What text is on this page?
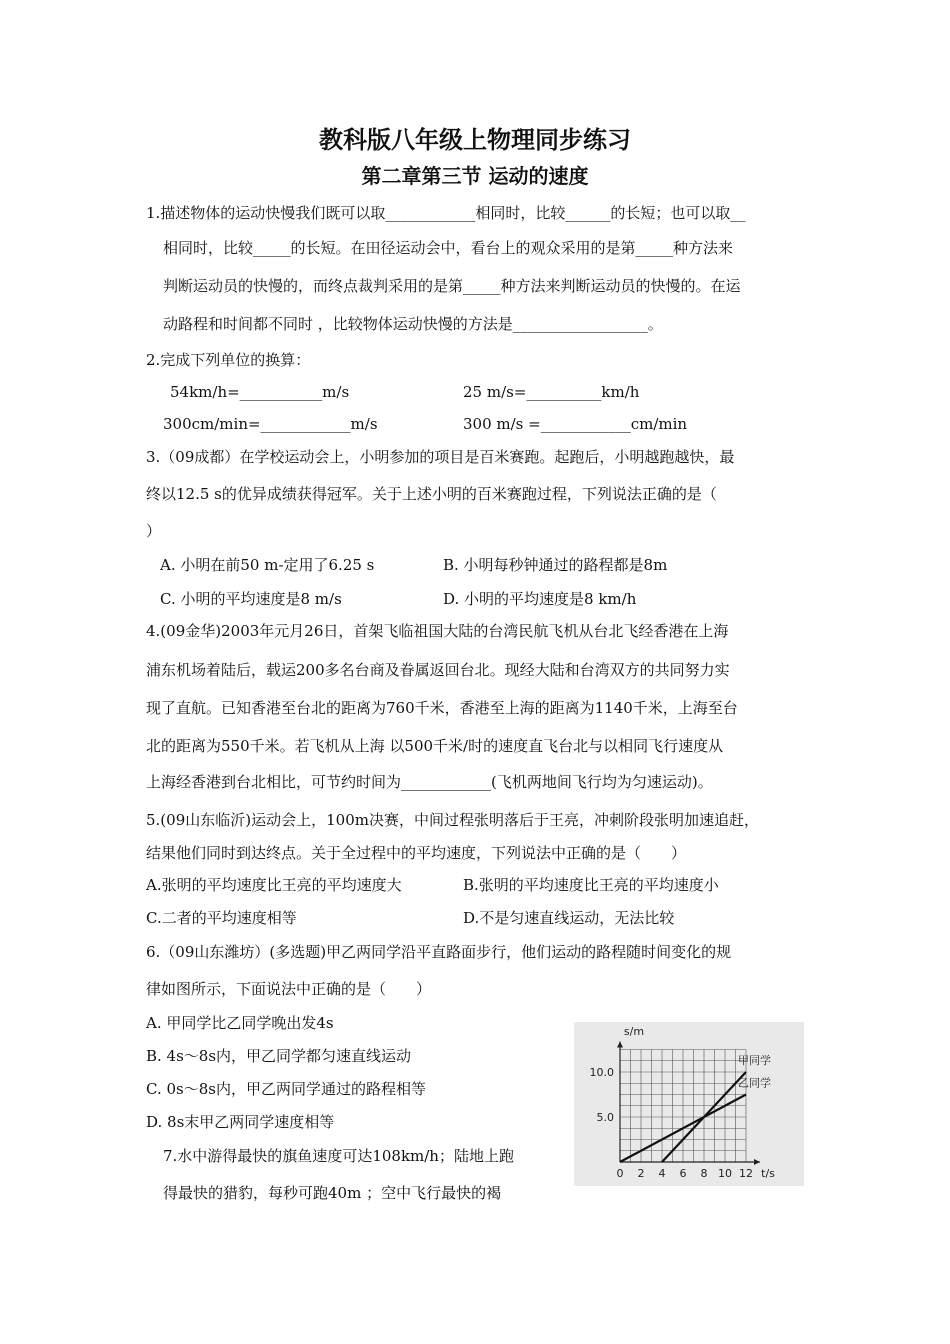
教科版八年级上物理同步练习
第二章第三节 运动的速度
1.描述物体的运动快慢我们既可以取____________相同时，比较______的长短；也可以取__
相同时，比较_____的长短。在田径运动会中，看台上的观众采用的是第_____种方法来
判断运动员的快慢的，而终点裁判采用的是第_____种方法来判断运动员的快慢的。在运
动路程和时间都不同时 ，比较物体运动快慢的方法是__________________。
2.完成下列单位的换算：
54km/h=___________m/s	25 m/s=__________km/h
300cm/min=____________m/s	300 m/s =____________cm/min
3.（09成都）在学校运动会上，小明参加的项目是百米赛跑。起跑后，小明越跑越快，最
终以12.5 s的优异成绩获得冠军。关于上述小明的百米赛跑过程，下列说法正确的是（
）
A. 小明在前50 m-定用了6.25 s	B. 小明每秒钟通过的路程都是8m
C. 小明的平均速度是8 m/s	D. 小明的平均速度是8 km/h
4.(09金华)2003年元月26日，首架飞临祖国大陆的台湾民航飞机从台北飞经香港在上海
浦东机场着陆后，载运200多名台商及眷属返回台北。现经大陆和台湾双方的共同努力实
现了直航。已知香港至台北的距离为760千米，香港至上海的距离为1140千米，上海至台
北的距离为550千米。若飞机从上海 以500千米/时的速度直飞台北与以相同飞行速度从
上海经香港到台北相比，可节约时间为____________(飞机两地间飞行均为匀速运动)。
5.(09山东临沂)运动会上，100m决赛，中间过程张明落后于王亮，冲刺阶段张明加速追赶，
结果他们同时到达终点。关于全过程中的平均速度，下列说法中正确的是（　　）
A.张明的平均速度比王亮的平均速度大	B.张明的平均速度比王亮的平均速度小
C.二者的平均速度相等	D.不是匀速直线运动，无法比较
6.（09山东潍坊）(多选题)甲乙两同学沿平直路面步行，他们运动的路程随时间变化的规
律如图所示，下面说法中正确的是（　　）
A. 甲同学比乙同学晚出发4s
B. 4s～8s内，甲乙同学都匀速直线运动
C. 0s～8s内，甲乙两同学通过的路程相等
D. 8s末甲乙两同学速度相等
7.水中游得最快的旗鱼速度可达108km/h；陆地上跑
得最快的猎豹，每秒可跑40m ；空中飞行最快的褐
s/m
t/s
0 2 4 6 8 10 12
5.0
10.0
甲同学
乙同学
